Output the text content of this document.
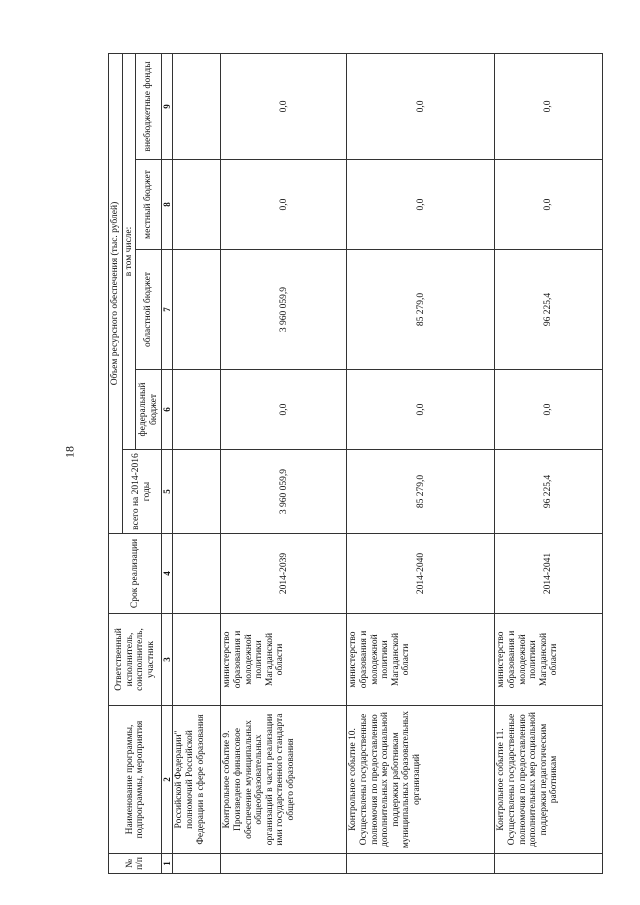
18
№ п/п	Наименование программы, подпрограммы, мероприятия	Ответственный исполнитель, соисполнитель, участник	Срок реализации	Объем ресурсного обеспечения (тыс. рублей)				
				всего на 2014-2016 годы	в том числе:			
					федеральный бюджет	областной бюджет	местный бюджет	внебюджетные фонды
1	2	3	4	5	6	7	8	9
	Российской Федерации" полномочий Российской Федерации в сфере образования							
	Контрольное событие 9. Произведено финансовое обеспечение муниципальных общеобразовательных организаций в части реализации ими государственного стандарта общего образования	министерство образования и молодежной политики Магаданской области	2014-2039	3 960 059,9	0,0	3 960 059,9	0,0	0,0
	Контрольное событие 10. Осуществлены государственные полномочия по предоставлению дополнительных мер социальной поддержки работникам муниципальных образовательных организаций	министерство образования и молодежной политики Магаданской области	2014-2040	85 279,0	0,0	85 279,0	0,0	0,0
	Контрольное событие 11. Осуществлены государственные полномочия по предоставлению дополнительных мер социальной поддержки педагогическим работникам	министерство образования и молодежной политики Магаданской области	2014-2041	96 225,4	0,0	96 225,4	0,0	0,0
